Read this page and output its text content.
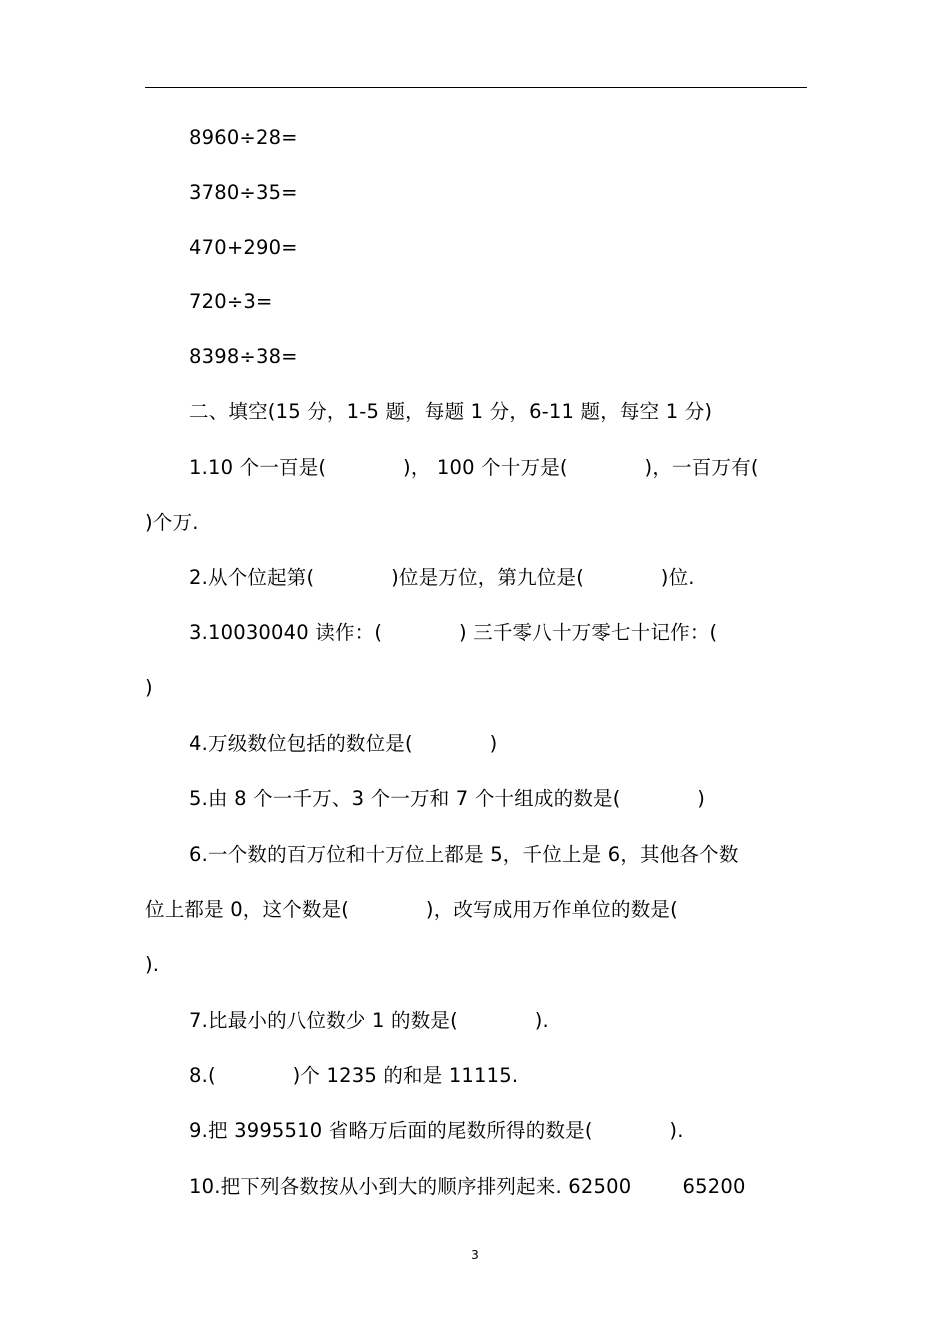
8960÷28=
3780÷35=
470+290=
720÷3=
8398÷38=
二、填空(15 分，1-5 题，每题 1 分，6-11 题，每空 1 分)
1.10 个一百是(            )， 100 个十万是(            )，一百万有(
)个万.
2.从个位起第(            )位是万位，第九位是(            )位.
3.10030040 读作：(            ) 三千零八十万零七十记作：(
)
4.万级数位包括的数位是(            )
5.由 8 个一千万、3 个一万和 7 个十组成的数是(            )
6.一个数的百万位和十万位上都是 5，千位上是 6，其他各个数
位上都是 0，这个数是(            )，改写成用万作单位的数是(
).
7.比最小的八位数少 1 的数是(            ).
8.(            )个 1235 的和是 11115.
9.把 3995510 省略万后面的尾数所得的数是(            ).
10.把下列各数按从小到大的顺序排列起来. 62500        65200
3
